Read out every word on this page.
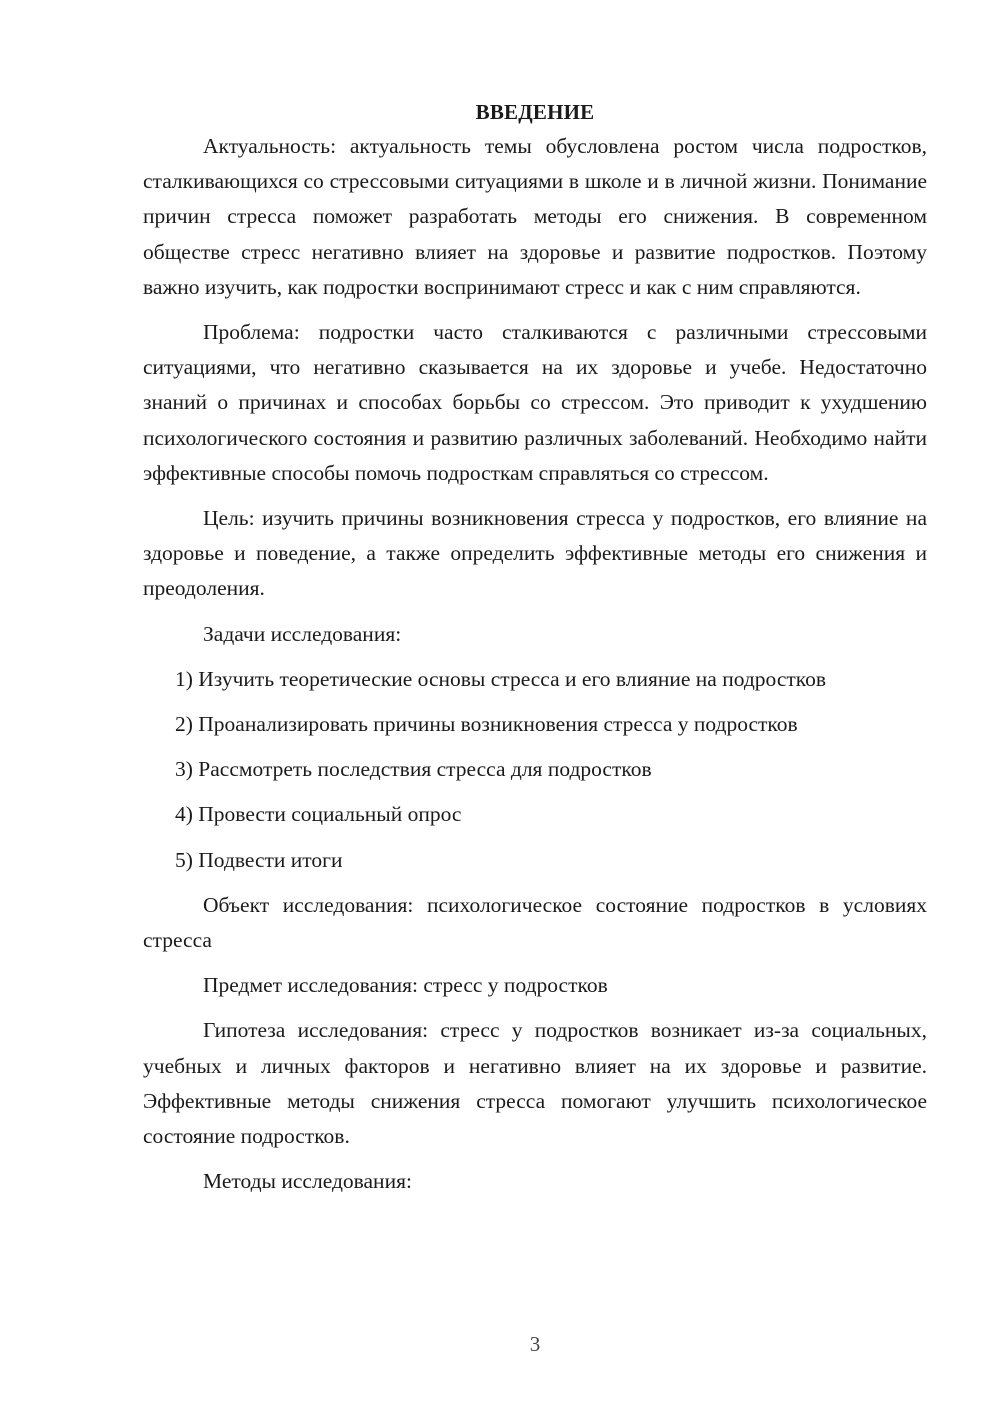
ВВЕДЕНИЕ

Актуальность: актуальность темы обусловлена ростом числа подростков, сталкивающихся со стрессовыми ситуациями в школе и в личной жизни. Понимание причин стресса поможет разработать методы его снижения. В современном обществе стресс негативно влияет на здоровье и развитие подростков. Поэтому важно изучить, как подростки воспринимают стресс и как с ним справляются.

Проблема: подростки часто сталкиваются с различными стрессовыми ситуациями, что негативно сказывается на их здоровье и учебе. Недостаточно знаний о причинах и способах борьбы со стрессом. Это приводит к ухудшению психологического состояния и развитию различных заболеваний. Необходимо найти эффективные способы помочь подросткам справляться со стрессом.

Цель: изучить причины возникновения стресса у подростков, его влияние на здоровье и поведение, а также определить эффективные методы его снижения и преодоления.

Задачи исследования:

1) Изучить теоретические основы стресса и его влияние на подростков
2) Проанализировать причины возникновения стресса у подростков
3) Рассмотреть последствия стресса для подростков
4) Провести социальный опрос
5) Подвести итоги

Объект исследования: психологическое состояние подростков в условиях стресса

Предмет исследования: стресс у подростков

Гипотеза исследования: стресс у подростков возникает из-за социальных, учебных и личных факторов и негативно влияет на их здоровье и развитие. Эффективные методы снижения стресса помогают улучшить психологическое состояние подростков.

Методы исследования:

3
